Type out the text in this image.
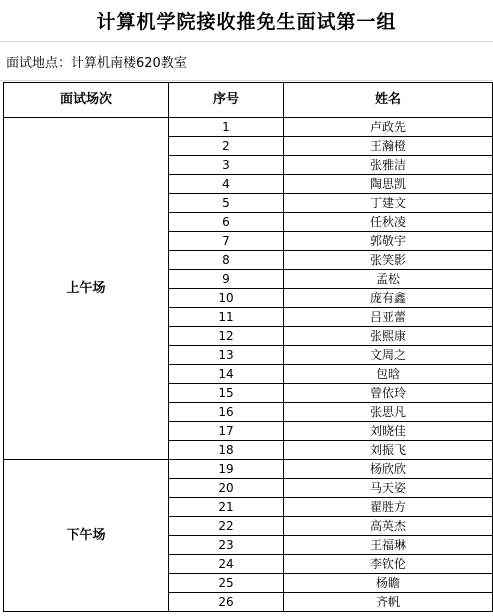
计算机学院接收推免生面试第一组
面试地点：计算机南楼620教室
面试场次	序号	姓名
上午场	1	卢政先
	2	王瀚橙
	3	张雅洁
	4	陶思凯
	5	丁建文
	6	任秋凌
	7	郭敬宇
	8	张笑影
	9	孟松
	10	庞有鑫
	11	吕亚蕾
	12	张熙康
	13	文周之
	14	包晗
	15	曾依玲
	16	张思凡
	17	刘晓佳
	18	刘振飞
下午场	19	杨欣欣
	20	马天姿
	21	翟胜方
	22	高英杰
	23	王福琳
	24	李钦伦
	25	杨瞻
	26	齐帆
